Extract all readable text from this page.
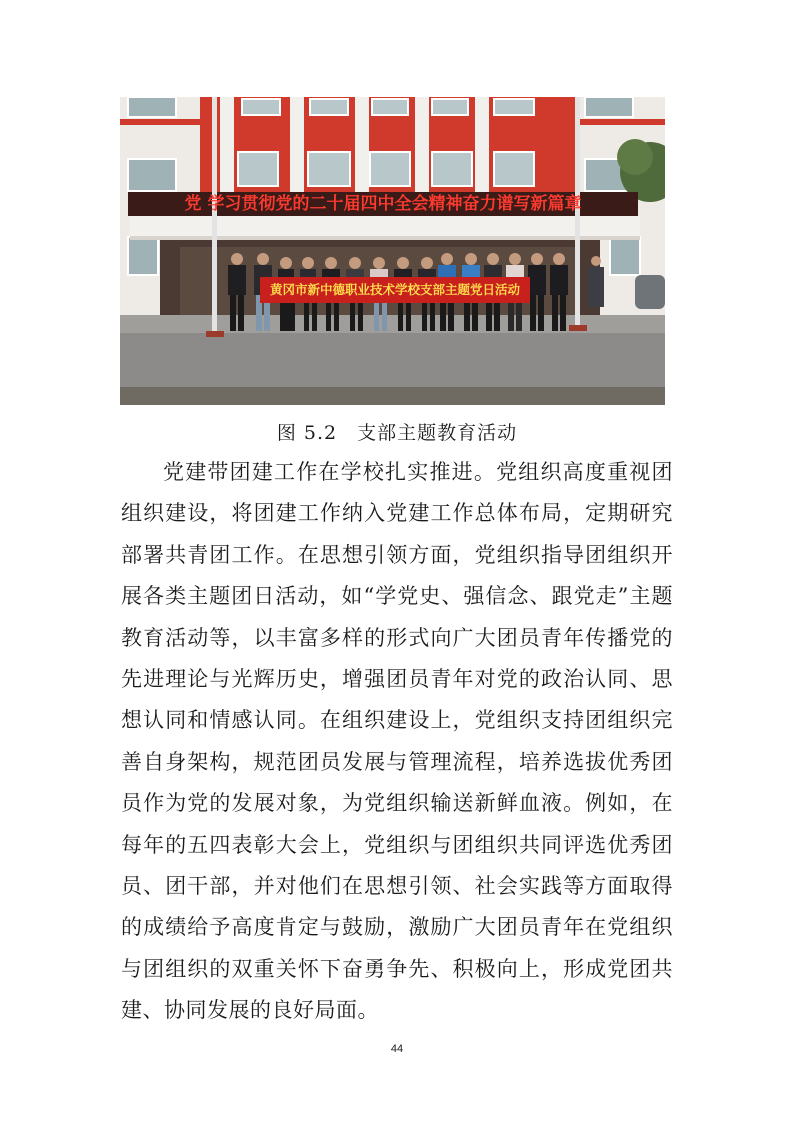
党 学习贯彻党的二十届四中全会精神奋力谱写新篇章
黄冈市新中德职业技术学校支部主题党日活动
图 5.2　支部主题教育活动

党建带团建工作在学校扎实推进。党组织高度重视团组织建设，将团建工作纳入党建工作总体布局，定期研究部署共青团工作。在思想引领方面，党组织指导团组织开展各类主题团日活动，如“学党史、强信念、跟党走”主题教育活动等，以丰富多样的形式向广大团员青年传播党的先进理论与光辉历史，增强团员青年对党的政治认同、思想认同和情感认同。在组织建设上，党组织支持团组织完善自身架构，规范团员发展与管理流程，培养选拔优秀团员作为党的发展对象，为党组织输送新鲜血液。例如，在每年的五四表彰大会上，党组织与团组织共同评选优秀团员、团干部，并对他们在思想引领、社会实践等方面取得的成绩给予高度肯定与鼓励，激励广大团员青年在党组织与团组织的双重关怀下奋勇争先、积极向上，形成党团共建、协同发展的良好局面。

44
